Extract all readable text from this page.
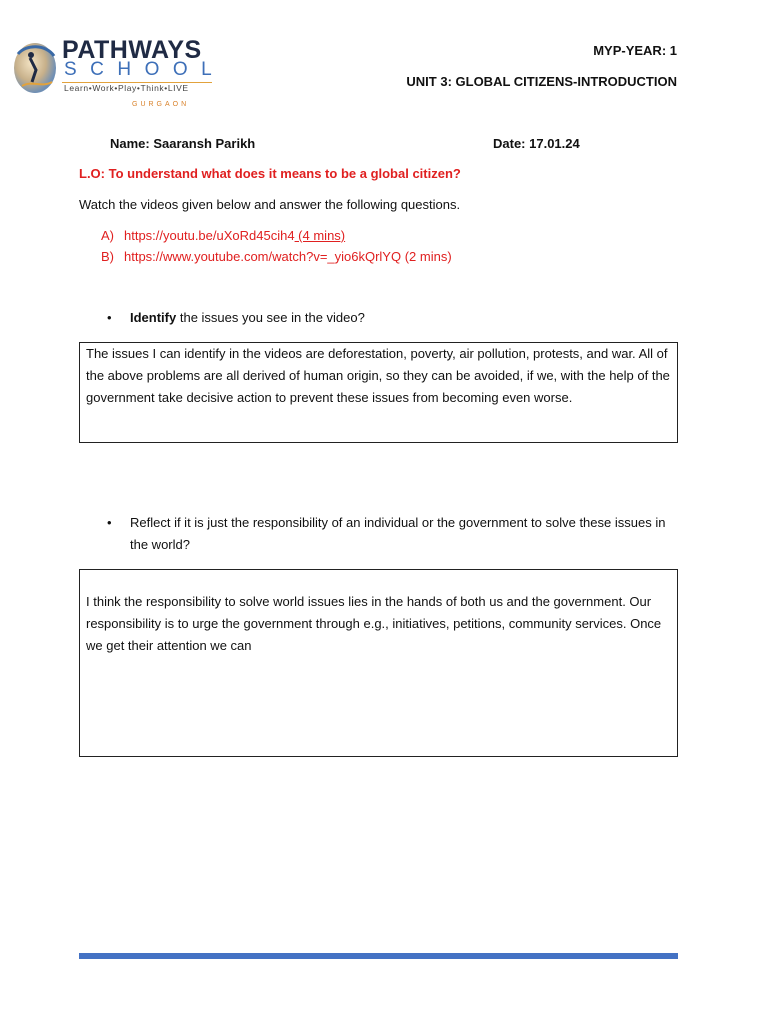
PATHWAYS
SCHOOL
Learn•Work•Play•Think•LIVE
GURGAON
MYP-YEAR: 1
UNIT 3: GLOBAL CITIZENS-INTRODUCTION
Name: Saaransh Parikh	Date: 17.01.24
L.O: To understand what does it means to be a global citizen?
Watch the videos given below and answer the following questions.
A) https://youtu.be/uXoRd45cih4 (4 mins)
B) https://www.youtube.com/watch?v=_yio6kQrlYQ (2 mins)
• Identify the issues you see in the video?
The issues I can identify in the videos are deforestation, poverty, air pollution, protests, and war. All of the above problems are all derived of human origin, so they can be avoided, if we, with the help of the government take decisive action to prevent these issues from becoming even worse.
• Reflect if it is just the responsibility of an individual or the government to solve these issues in the world?
I think the responsibility to solve world issues lies in the hands of both us and the government. Our responsibility is to urge the government through e.g., initiatives, petitions, community services. Once we get their attention we can
